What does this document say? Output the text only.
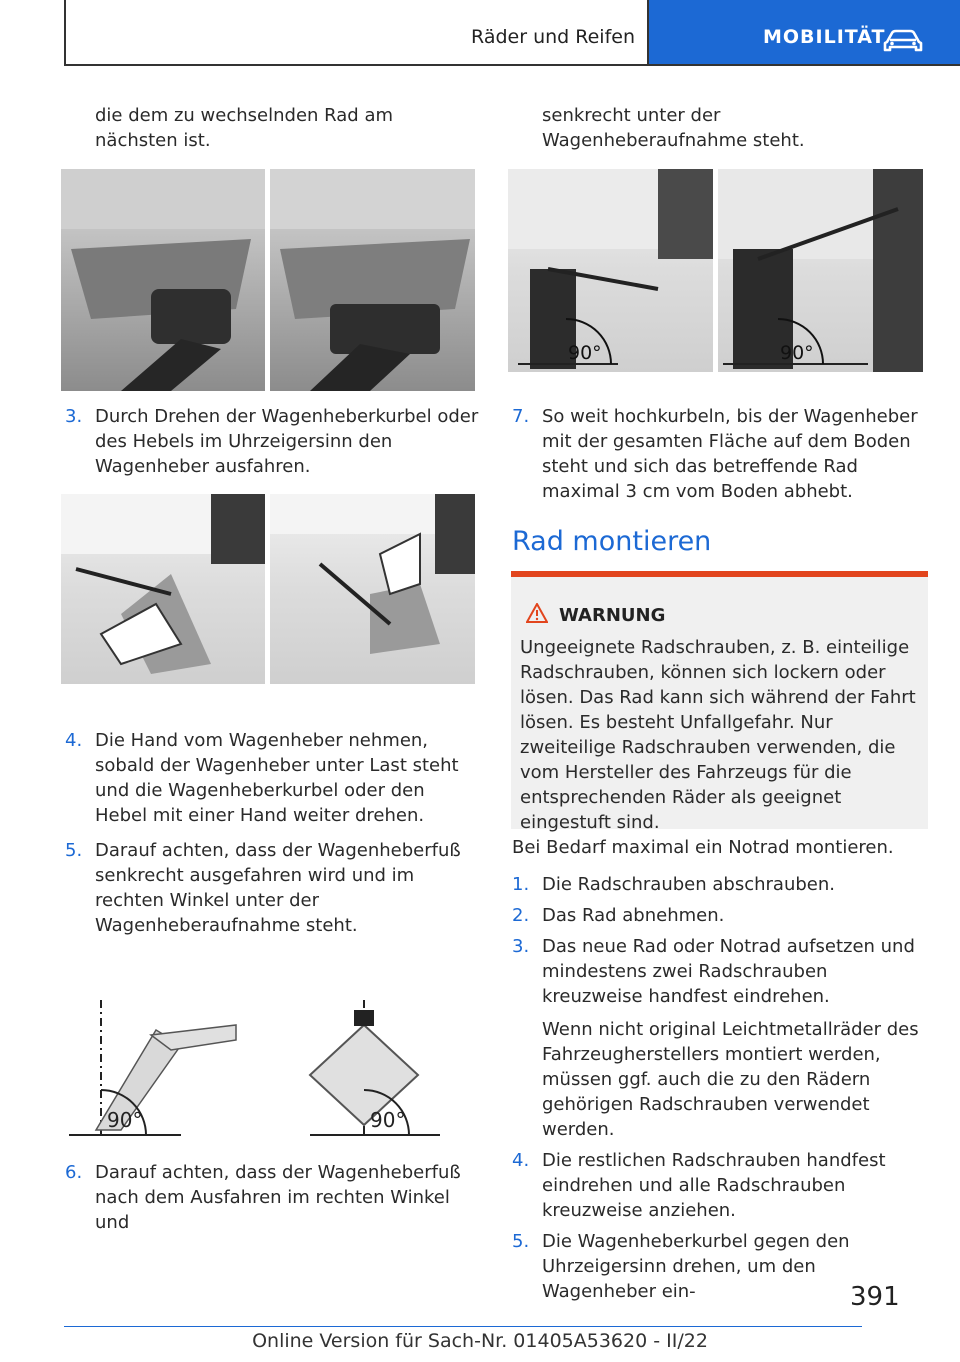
Räder und Reifen	MOBILITÄT
die dem zu wechselnden Rad am nächsten ist.
3. Durch Drehen der Wagenheberkurbel oder des Hebels im Uhrzeigersinn den Wagenheber ausfahren.
4. Die Hand vom Wagenheber nehmen, sobald der Wagenheber unter Last steht und die Wagenheberkurbel oder den Hebel mit einer Hand weiter drehen.
5. Darauf achten, dass der Wagenheberfuß senkrecht ausgefahren wird und im rechten Winkel unter der Wagenheberaufnahme steht.
90°	90°
6. Darauf achten, dass der Wagenheberfuß nach dem Ausfahren im rechten Winkel und
senkrecht unter der Wagenheberaufnahme steht.
90°	90°
7. So weit hochkurbeln, bis der Wagenheber mit der gesamten Fläche auf dem Boden steht und sich das betreffende Rad maximal 3 cm vom Boden abhebt.
Rad montieren
WARNUNG
Ungeeignete Radschrauben, z. B. einteilige Radschrauben, können sich lockern oder lösen. Das Rad kann sich während der Fahrt lösen. Es besteht Unfallgefahr. Nur zweiteilige Radschrauben verwenden, die vom Hersteller des Fahrzeugs für die entsprechenden Räder als geeignet eingestuft sind.

Bei Bedarf maximal ein Notrad montieren.

1. Die Radschrauben abschrauben.
2. Das Rad abnehmen.
3. Das neue Rad oder Notrad aufsetzen und mindestens zwei Radschrauben kreuzweise handfest eindrehen.
Wenn nicht original Leichtmetallräder des Fahrzeugherstellers montiert werden, müssen ggf. auch die zu den Rädern gehörigen Radschrauben verwendet werden.
4. Die restlichen Radschrauben handfest eindrehen und alle Radschrauben kreuzweise anziehen.
5. Die Wagenheberkurbel gegen den Uhrzeigersinn drehen, um den Wagenheber ein-	391
Online Version für Sach-Nr. 01405A53620 - II/22
